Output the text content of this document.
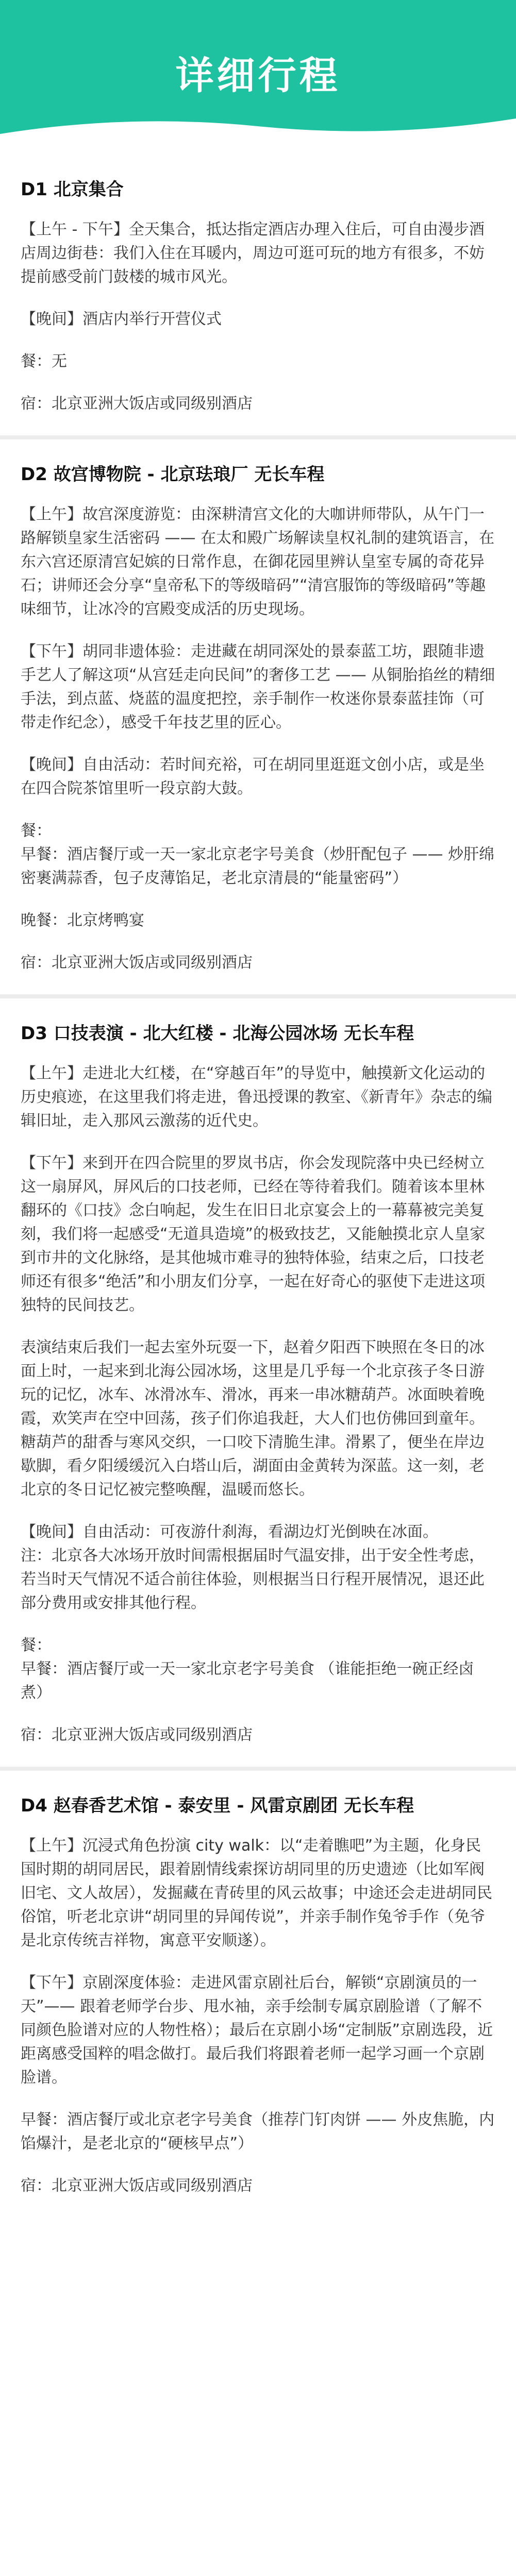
详细行程
D1 北京集合
【上午 - 下午】全天集合，抵达指定酒店办理入住后，可自由漫步酒店周边街巷：我们入住在耳暖内，周边可逛可玩的地方有很多，不妨提前感受前门鼓楼的城市风光。
【晚间】酒店内举行开营仪式
餐：无
宿：北京亚洲大饭店或同级别酒店
D2 故宫博物院 - 北京珐琅厂 无长车程
【上午】故宫深度游览：由深耕清宫文化的大咖讲师带队，从午门一路解锁皇家生活密码 —— 在太和殿广场解读皇权礼制的建筑语言，在东六宫还原清宫妃嫔的日常作息，在御花园里辨认皇室专属的奇花异石；讲师还会分享“皇帝私下的等级暗码”“清宫服饰的等级暗码”等趣味细节，让冰冷的宫殿变成活的历史现场。
【下午】胡同非遗体验：走进藏在胡同深处的景泰蓝工坊，跟随非遗手艺人了解这项“从宫廷走向民间”的奢侈工艺 —— 从铜胎掐丝的精细手法，到点蓝、烧蓝的温度把控，亲手制作一枚迷你景泰蓝挂饰（可带走作纪念），感受千年技艺里的匠心。
【晚间】自由活动：若时间充裕，可在胡同里逛逛文创小店，或是坐在四合院茶馆里听一段京韵大鼓。
餐：
早餐：酒店餐厅或一天一家北京老字号美食（炒肝配包子 —— 炒肝绵密裹满蒜香，包子皮薄馅足，老北京清晨的“能量密码”）
晚餐：北京烤鸭宴
宿：北京亚洲大饭店或同级别酒店
D3 口技表演 - 北大红楼 - 北海公园冰场 无长车程
【上午】走进北大红楼，在“穿越百年”的导览中，触摸新文化运动的历史痕迹，在这里我们将走进，鲁迅授课的教室、《新青年》杂志的编辑旧址，走入那风云激荡的近代史。
【下午】来到开在四合院里的罗岚书店，你会发现院落中央已经树立这一扇屏风，屏风后的口技老师，已经在等待着我们。随着该本里林翻环的《口技》念白响起，发生在旧日北京宴会上的一幕幕被完美复刻，我们将一起感受“无道具造境”的极致技艺，又能触摸北京人皇家到市井的文化脉络，是其他城市难寻的独特体验，结束之后，口技老师还有很多“绝活”和小朋友们分享，一起在好奇心的驱使下走进这项独特的民间技艺。
表演结束后我们一起去室外玩耍一下，赵着夕阳西下映照在冬日的冰面上时，一起来到北海公园冰场，这里是几乎每一个北京孩子冬日游玩的记忆，冰车、冰滑冰车、滑冰，再来一串冰糖葫芦。冰面映着晚霞，欢笑声在空中回荡，孩子们你追我赶，大人们也仿佛回到童年。糖葫芦的甜香与寒风交织，一口咬下清脆生津。滑累了，便坐在岸边歇脚，看夕阳缓缓沉入白塔山后，湖面由金黄转为深蓝。这一刻，老北京的冬日记忆被完整唤醒，温暖而悠长。
【晚间】自由活动：可夜游什刹海，看湖边灯光倒映在冰面。
注：北京各大冰场开放时间需根据届时气温安排，出于安全性考虑，若当时天气情况不适合前往体验，则根据当日行程开展情况，退还此部分费用或安排其他行程。
餐：
早餐：酒店餐厅或一天一家北京老字号美食 （谁能拒绝一碗正经卤煮）
宿：北京亚洲大饭店或同级别酒店
D4 赵春香艺术馆 - 泰安里 - 风雷京剧团 无长车程
【上午】沉浸式角色扮演 city walk：以“走着瞧吧”为主题，化身民国时期的胡同居民，跟着剧情线索探访胡同里的历史遗迹（比如军阀旧宅、文人故居），发掘藏在青砖里的风云故事；中途还会走进胡同民俗馆，听老北京讲“胡同里的异闻传说”，并亲手制作兔爷手作（免爷是北京传统吉祥物，寓意平安顺遂）。
【下午】京剧深度体验：走进风雷京剧社后台，解锁“京剧演员的一天”—— 跟着老师学台步、甩水袖，亲手绘制专属京剧脸谱（了解不同颜色脸谱对应的人物性格）；最后在京剧小场“定制版”京剧选段，近距离感受国粹的唱念做打。最后我们将跟着老师一起学习画一个京剧脸谱。
早餐：酒店餐厅或北京老字号美食（推荐门钉肉饼 —— 外皮焦脆，内馅爆汁，是老北京的“硬核早点”）
宿：北京亚洲大饭店或同级别酒店
